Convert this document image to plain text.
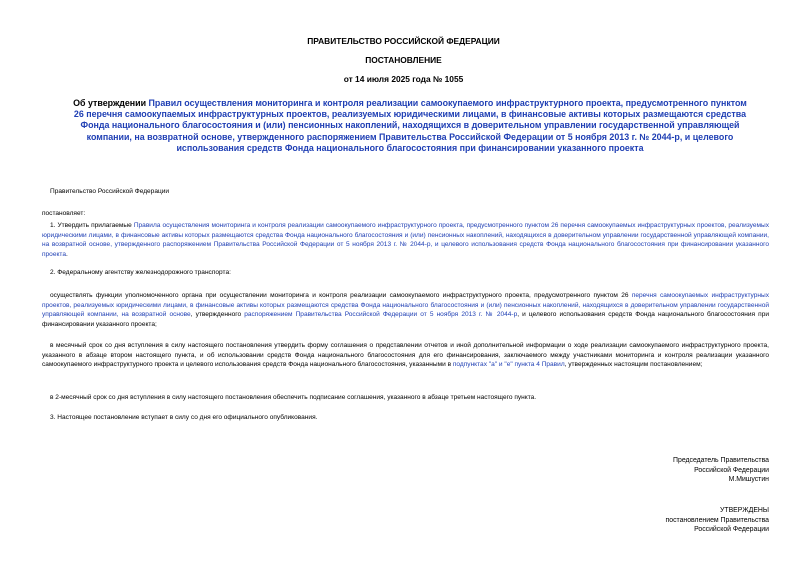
ПРАВИТЕЛЬСТВО РОССИЙСКОЙ ФЕДЕРАЦИИ
ПОСТАНОВЛЕНИЕ
от 14 июля 2025 года № 1055
Об утверждении Правил осуществления мониторинга и контроля реализации самоокупаемого инфраструктурного проекта, предусмотренного пунктом 26 перечня самоокупаемых инфраструктурных проектов, реализуемых юридическими лицами, в финансовые активы которых размещаются средства Фонда национального благосостояния и (или) пенсионных накоплений, находящихся в доверительном управлении государственной управляющей компании, на возвратной основе, утвержденного распоряжением Правительства Российской Федерации от 5 ноября 2013 г. № 2044-р, и целевого использования средств Фонда национального благосостояния при финансировании указанного проекта
Правительство Российской Федерации
постановляет:
1. Утвердить прилагаемые Правила осуществления мониторинга и контроля реализации самоокупаемого инфраструктурного проекта, предусмотренного пунктом 26 перечня самоокупаемых инфраструктурных проектов, реализуемых юридическими лицами, в финансовые активы которых размещаются средства Фонда национального благосостояния и (или) пенсионных накоплений, находящихся в доверительном управлении государственной управляющей компании, на возвратной основе, утвержденного распоряжением Правительства Российской Федерации от 5 ноября 2013 г. № 2044-р, и целевого использования средств Фонда национального благосостояния при финансировании указанного проекта.
2. Федеральному агентству железнодорожного транспорта:
осуществлять функции уполномоченного органа при осуществлении мониторинга и контроля реализации самоокупаемого инфраструктурного проекта, предусмотренного пунктом 26 перечня самоокупаемых инфраструктурных проектов, реализуемых юридическими лицами, в финансовые активы которых размещаются средства Фонда национального благосостояния и (или) пенсионных накоплений, находящихся в доверительном управлении государственной управляющей компании, на возвратной основе, утвержденного распоряжением Правительства Российской Федерации от 5 ноября 2013 г. № 2044-р, и целевого использования средств Фонда национального благосостояния при финансировании указанного проекта;
в месячный срок со дня вступления в силу настоящего постановления утвердить форму соглашения о представлении отчетов и иной дополнительной информации о ходе реализации самоокупаемого инфраструктурного проекта, указанного в абзаце втором настоящего пункта, и об использовании средств Фонда национального благосостояния для его финансирования, заключаемого между участниками мониторинга и контроля реализации указанного самоокупаемого инфраструктурного проекта и целевого использования средств Фонда национального благосостояния, указанными в подпунктах "а" и "е" пункта 4 Правил, утвержденных настоящим постановлением;
в 2-месячный срок со дня вступления в силу настоящего постановления обеспечить подписание соглашения, указанного в абзаце третьем настоящего пункта.
3. Настоящее постановление вступает в силу со дня его официального опубликования.
Председатель Правительства
Российской Федерации
М.Мишустин
УТВЕРЖДЕНЫ
постановлением Правительства
Российской Федерации
